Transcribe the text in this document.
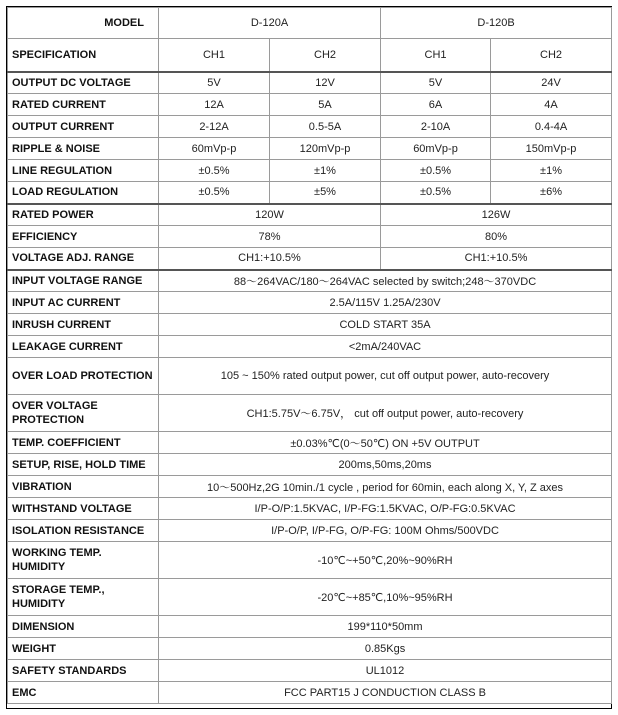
MODEL	D-120A		D-120B	
SPECIFICATION	CH1	CH2	CH1	CH2
OUTPUT DC VOLTAGE	5V	12V	5V	24V
RATED CURRENT	12A	5A	6A	4A
OUTPUT CURRENT	2-12A	0.5-5A	2-10A	0.4-4A
RIPPLE & NOISE	60mVp-p	120mVp-p	60mVp-p	150mVp-p
LINE REGULATION	±0.5%	±1%	±0.5%	±1%
LOAD REGULATION	±0.5%	±5%	±0.5%	±6%
RATED POWER	120W		126W	
EFFICIENCY	78%		80%	
VOLTAGE ADJ. RANGE	CH1:+10.5%		CH1:+10.5%	
INPUT VOLTAGE RANGE	88～264VAC/180～264VAC selected by switch;248～370VDC			
INPUT AC CURRENT	2.5A/115V 1.25A/230V			
INRUSH CURRENT	COLD START 35A			
LEAKAGE CURRENT	<2mA/240VAC			
OVER LOAD PROTECTION	105 ~ 150% rated output power, cut off output power, auto-recovery			
OVER VOLTAGE PROTECTION	CH1:5.75V～6.75V， cut off output power, auto-recovery			
TEMP. COEFFICIENT	±0.03%℃(0～50℃) ON +5V OUTPUT			
SETUP, RISE, HOLD TIME	200ms,50ms,20ms			
VIBRATION	10～500Hz,2G 10min./1 cycle , period for 60min, each along X, Y, Z axes			
WITHSTAND VOLTAGE	I/P-O/P:1.5KVAC, I/P-FG:1.5KVAC, O/P-FG:0.5KVAC			
ISOLATION RESISTANCE	I/P-O/P, I/P-FG, O/P-FG: 100M Ohms/500VDC			
WORKING TEMP. HUMIDITY	-10℃~+50℃,20%~90%RH			
STORAGE TEMP., HUMIDITY	-20℃~+85℃,10%~95%RH			
DIMENSION	199*110*50mm			
WEIGHT	0.85Kgs			
SAFETY STANDARDS	UL1012			
EMC	FCC PART15 J CONDUCTION CLASS B			
